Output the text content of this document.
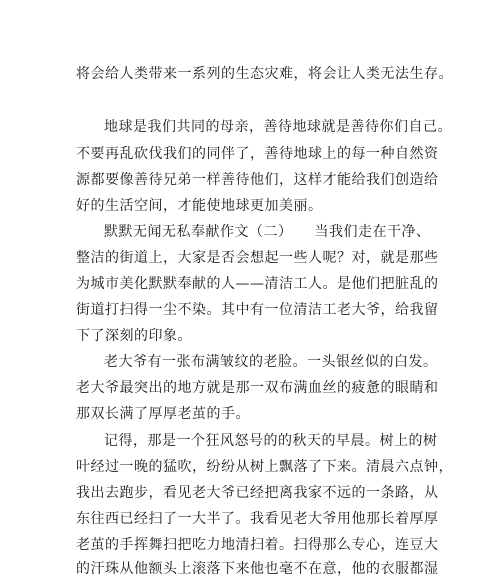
将会给人类带来一系列的生态灾难，将会让人类无法生存。
地球是我们共同的母亲，善待地球就是善待你们自己。
不要再乱砍伐我们的同伴了，善待地球上的每一种自然资
源都要像善待兄弟一样善待他们，这样才能给我们创造给
好的生活空间，才能使地球更加美丽。
默默无闻无私奉献作文（二）　　当我们走在干净、
整洁的街道上，大家是否会想起一些人呢？对，就是那些
为城市美化默默奉献的人——清洁工人。是他们把脏乱的
街道打扫得一尘不染。其中有一位清洁工老大爷，给我留
下了深刻的印象。
老大爷有一张布满皱纹的老脸。一头银丝似的白发。
老大爷最突出的地方就是那一双布满血丝的疲惫的眼睛和
那双长满了厚厚老茧的手。
记得，那是一个狂风怒号的的秋天的早晨。树上的树
叶经过一晚的猛吹，纷纷从树上飘落了下来。清晨六点钟，
我出去跑步，看见老大爷已经把离我家不远的一条路，从
东往西已经扫了一大半了。我看见老大爷用他那长着厚厚
老茧的手挥舞扫把吃力地清扫着。扫得那么专心，连豆大
的汗珠从他额头上滚落下来他也毫不在意，他的衣服都湿
